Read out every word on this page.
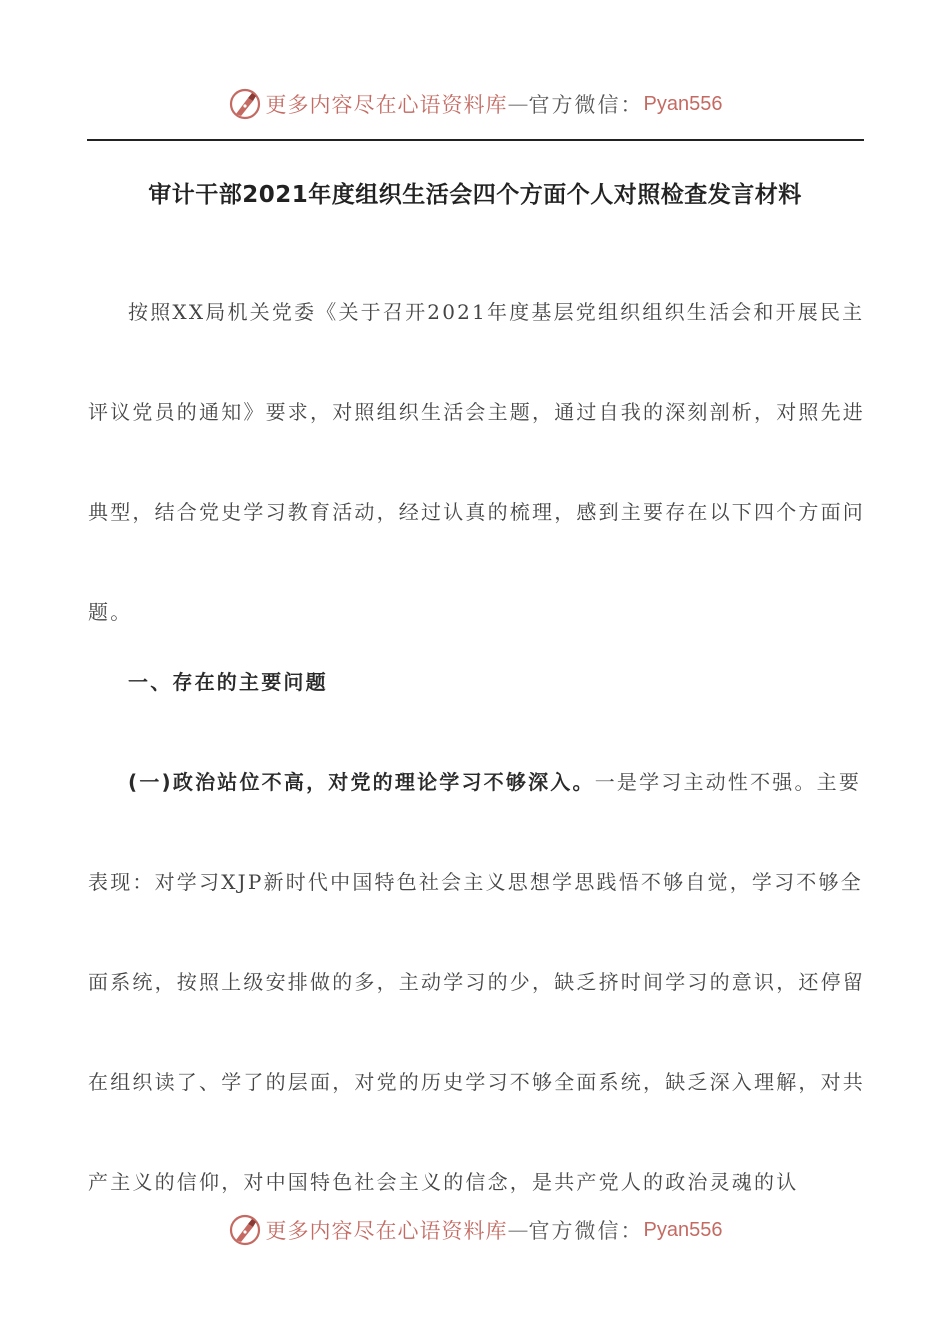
更多内容尽在心语资料库 — 官方微信： Pyan556
审计干部2021年度组织生活会四个方面个人对照检查发言材料

按照XX局机关党委《关于召开2021年度基层党组织组织生活会和开展民主评议党员的通知》要求，对照组织生活会主题，通过自我的深刻剖析，对照先进典型，结合党史学习教育活动，经过认真的梳理，感到主要存在以下四个方面问题。

一、存在的主要问题

(一)政治站位不高，对党的理论学习不够深入。一是学习主动性不强。主要表现：对学习XJP新时代中国特色社会主义思想学思践悟不够自觉，学习不够全面系统，按照上级安排做的多，主动学习的少，缺乏挤时间学习的意识，还停留在组织读了、学了的层面，对党的历史学习不够全面系统，缺乏深入理解，对共产主义的信仰，对中国特色社会主义的信念，是共产党人的政治灵魂的认

更多内容尽在心语资料库 — 官方微信： Pyan556
